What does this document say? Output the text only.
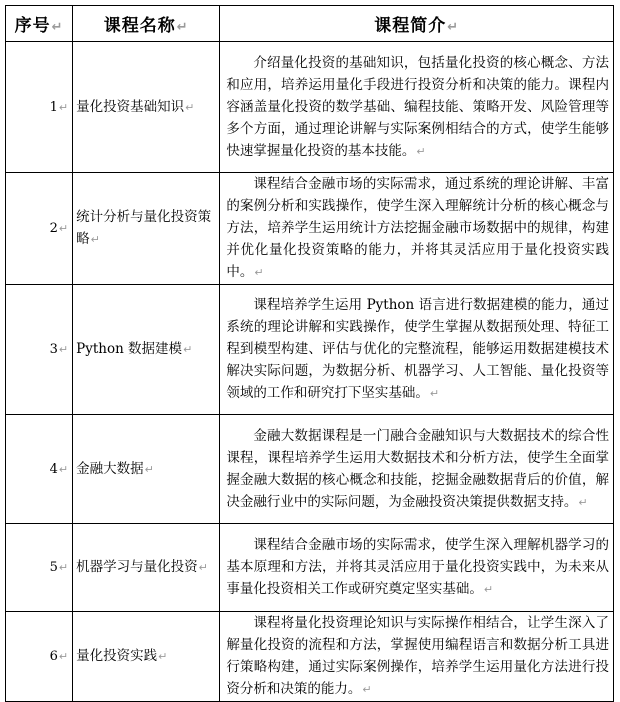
序号↵	课程名称↵	课程简介↵
1↵	量化投资基础知识↵	介绍量化投资的基础知识，包括量化投资的核心概念、方法和应用，培养运用量化手段进行投资分析和决策的能力。课程内容涵盖量化投资的数学基础、编程技能、策略开发、风险管理等多个方面，通过理论讲解与实际案例相结合的方式，使学生能够快速掌握量化投资的基本技能。↵
2↵	统计分析与量化投资策略↵	课程结合金融市场的实际需求，通过系统的理论讲解、丰富的案例分析和实践操作，使学生深入理解统计分析的核心概念与方法，培养学生运用统计方法挖掘金融市场数据中的规律，构建并优化量化投资策略的能力，并将其灵活应用于量化投资实践中。↵
3↵	Python 数据建模↵	课程培养学生运用 Python 语言进行数据建模的能力，通过系统的理论讲解和实践操作，使学生掌握从数据预处理、特征工程到模型构建、评估与优化的完整流程，能够运用数据建模技术解决实际问题，为数据分析、机器学习、人工智能、量化投资等领域的工作和研究打下坚实基础。↵
4↵	金融大数据↵	金融大数据课程是一门融合金融知识与大数据技术的综合性课程，课程培养学生运用大数据技术和分析方法，使学生全面掌握金融大数据的核心概念和技能，挖掘金融数据背后的价值，解决金融行业中的实际问题，为金融投资决策提供数据支持。↵
5↵	机器学习与量化投资↵	课程结合金融市场的实际需求，使学生深入理解机器学习的基本原理和方法，并将其灵活应用于量化投资实践中，为未来从事量化投资相关工作或研究奠定坚实基础。↵
6↵	量化投资实践↵	课程将量化投资理论知识与实际操作相结合，让学生深入了解量化投资的流程和方法，掌握使用编程语言和数据分析工具进行策略构建，通过实际案例操作，培养学生运用量化方法进行投资分析和决策的能力。↵
